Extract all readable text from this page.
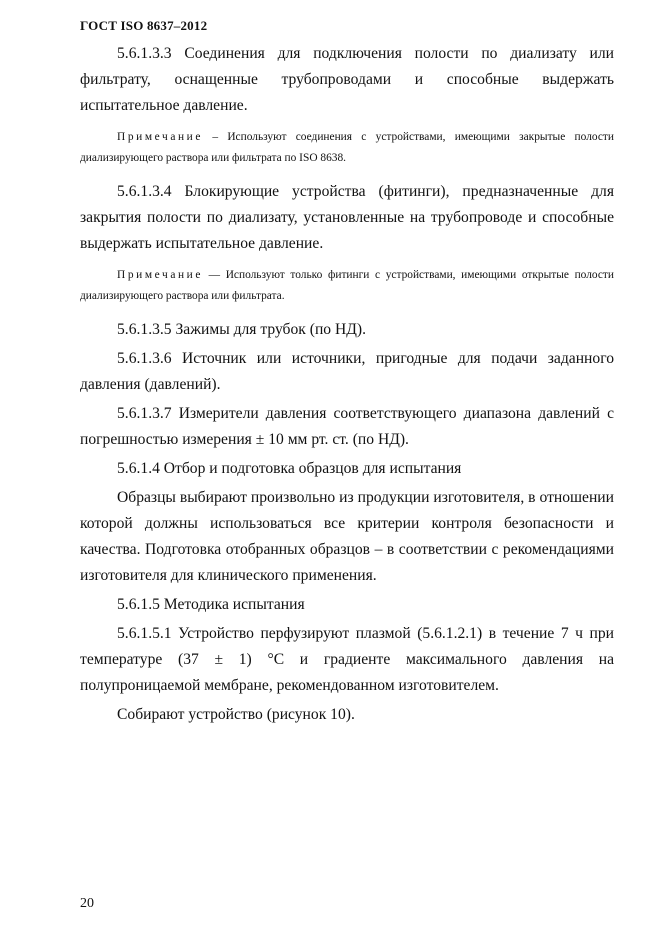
ГОСТ ISO 8637–2012

5.6.1.3.3 Соединения для подключения полости по диализату или фильтрату, оснащенные трубопроводами и способные выдержать испытательное давление.

Примечание – Используют соединения с устройствами, имеющими закрытые полости диализирующего раствора или фильтрата по ISO 8638.

5.6.1.3.4 Блокирующие устройства (фитинги), предназначенные для закрытия полости по диализату, установленные на трубопроводе и способные выдержать испытательное давление.

Примечание — Используют только фитинги с устройствами, имеющими открытые полости диализирующего раствора или фильтрата.

5.6.1.3.5 Зажимы для трубок (по НД).

5.6.1.3.6 Источник или источники, пригодные для подачи заданного давления (давлений).

5.6.1.3.7 Измерители давления соответствующего диапазона давлений с погрешностью измерения ± 10 мм рт. ст. (по НД).

5.6.1.4 Отбор и подготовка образцов для испытания

Образцы выбирают произвольно из продукции изготовителя, в отношении которой должны использоваться все критерии контроля безопасности и качества. Подготовка отобранных образцов – в соответствии с рекомендациями изготовителя для клинического применения.

5.6.1.5 Методика испытания

5.6.1.5.1 Устройство перфузируют плазмой (5.6.1.2.1) в течение 7 ч при температуре (37 ± 1) °С и градиенте максимального давления на полупроницаемой мембране, рекомендованном изготовителем.

Собирают устройство (рисунок 10).

20
